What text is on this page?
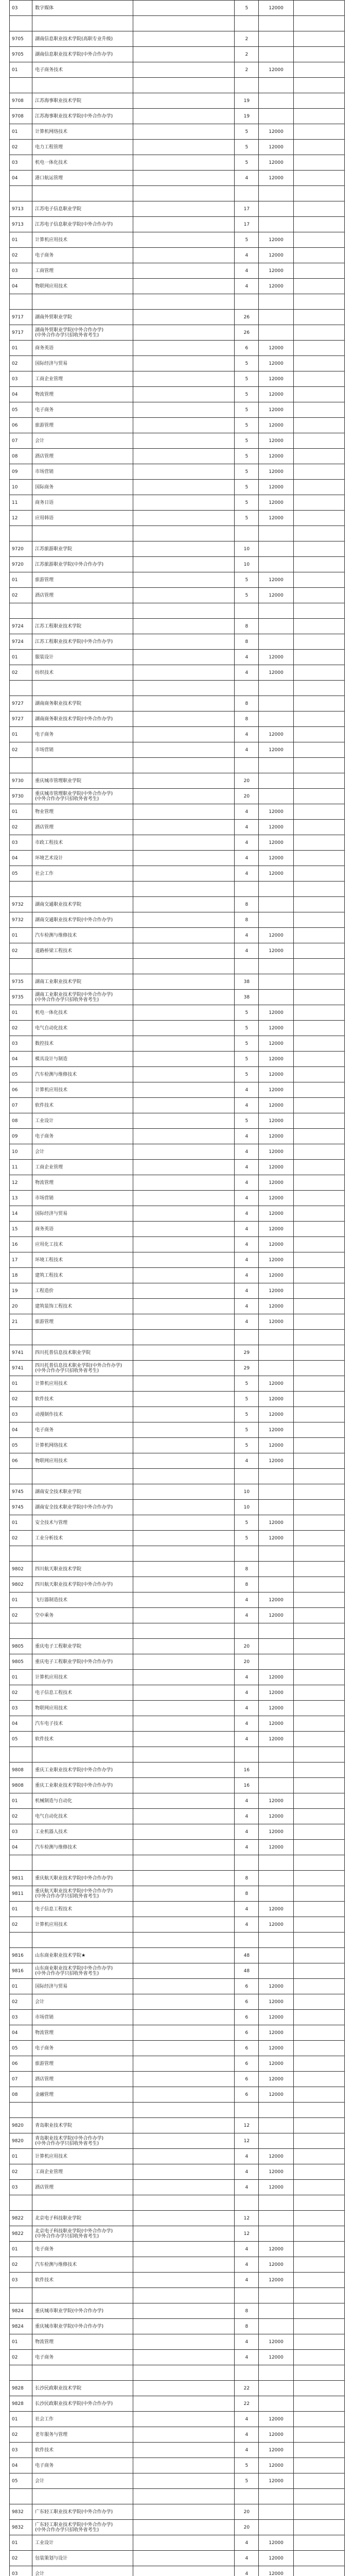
03	数字媒体		5	12000	

9705	湖南信息职业技术学院(高职专业升级)		2		
9705	湖南信息职业技术学院(中外合作办学)		2		
01	电子商务技术		2	12000	

9708	江苏海事职业技术学院		19		
9708	江苏海事职业技术学院(中外合作办学)		19		
01	计算机网络技术		5	12000	
02	电力工程管理		5	12000	
03	机电一体化技术		5	12000	
04	港口航运管理		4	12000	

9713	江苏电子信息职业学院		17		
9713	江苏电子信息职业学院(中外合作办学)		17		
01	计算机应用技术		5	12000	
02	电子商务		4	12000	
03	工商管理		4	12000	
04	物联网应用技术		4	12000	

9717	湖南外贸职业学院		26		
9717	湖南外贸职业学院(中外合作办学)
(中外合作办学只招收外省考生)		26		
01	商务英语		6	12000	
02	国际经济与贸易		5	12000	
03	工商企业管理		5	12000	
04	物流管理		5	12000	
05	电子商务		5	12000	
06	旅游管理		5	12000	
07	会计		5	12000	
08	酒店管理		5	12000	
09	市场营销		5	12000	
10	国际商务		5	12000	
11	商务日语		5	12000	
12	应用韩语		5	12000	

9720	江苏旅游职业学院		10		
9720	江苏旅游职业学院(中外合作办学)		10		
01	旅游管理		5	12000	
02	酒店管理		5	12000	

9724	江苏工程职业技术学院		8		
9724	江苏工程职业技术学院(中外合作办学)		8		
01	服装设计		4	12000	
02	纺织技术		4	12000	

9727	湖南商务职业技术学院		8		
9727	湖南商务职业技术学院(中外合作办学)		8		
01	电子商务		4	12000	
02	市场营销		4	12000	

9730	重庆城市管理职业学院		20		
9730	重庆城市管理职业学院(中外合作办学)
(中外合作办学只招收外省考生)		20		
01	物业管理		4	12000	
02	酒店管理		4	12000	
03	市政工程技术		4	12000	
04	环境艺术设计		4	12000	
05	社会工作		4	12000	

9732	湖南交通职业技术学院		8		
9732	湖南交通职业技术学院(中外合作办学)		8		
01	汽车检测与维修技术		4	12000	
02	道路桥梁工程技术		4	12000	

9735	湖南工业职业技术学院		38		
9735	湖南工业职业技术学院(中外合作办学)
(中外合作办学只招收外省考生)		38		
01	机电一体化技术		5	12000	
02	电气自动化技术		5	12000	
03	数控技术		5	12000	
04	模具设计与制造		5	12000	
05	汽车检测与维修技术		5	12000	
06	计算机应用技术		4	12000	
07	软件技术		4	12000	
08	工业设计		5	12000	
09	电子商务		4	12000	
10	会计		4	12000	
11	工商企业管理		4	12000	
12	物流管理		4	12000	
13	市场营销		4	12000	
14	国际经济与贸易		4	12000	
15	商务英语		4	12000	
16	应用化工技术		4	12000	
17	环境工程技术		4	12000	
18	建筑工程技术		4	12000	
19	工程造价		4	12000	
20	建筑装饰工程技术		4	12000	
21	旅游管理		4	12000	

9741	四川托普信息技术职业学院		29		
9741	四川托普信息技术职业学院(中外合作办学)
(中外合作办学只招收外省考生)		29		
01	计算机应用技术		5	12000	
02	软件技术		5	12000	
03	动漫制作技术		5	12000	
04	电子商务		5	12000	
05	计算机网络技术		5	12000	
06	物联网应用技术		4	12000	

9745	湖南安全技术职业学院		10		
9745	湖南安全技术职业学院(中外合作办学)		10		
01	安全技术与管理		5	12000	
02	工业分析技术		5	12000	

9802	四川航天职业技术学院		8		
9802	四川航天职业技术学院(中外合作办学)		8		
01	飞行器制造技术		4	12000	
02	空中乘务		4	12000	

9805	重庆电子工程职业学院		20		
9805	重庆电子工程职业学院(中外合作办学)		20		
01	计算机应用技术		4	12000	
02	电子信息工程技术		4	12000	
03	物联网应用技术		4	12000	
04	汽车电子技术		4	12000	
05	软件技术		4	12000	

9808	重庆工业职业技术学院(中外合作办学)		16		
9808	重庆工业职业技术学院(中外合作办学)		16		
01	机械制造与自动化		4	12000	
02	电气自动化技术		4	12000	
03	工业机器人技术		4	12000	
04	汽车检测与维修技术		4	12000	

9811	重庆航天职业技术学院(中外合作办学)		8		
9811	重庆航天职业技术学院(中外合作办学)
(中外合作办学只招收外省考生)		8		
01	电子信息工程技术		4	12000	
02	计算机应用技术		4	12000	

9816	山东商业职业技术学院★		48		
9816	山东商业职业技术学院(中外合作办学)
(中外合作办学只招收外省考生)		48		
01	国际经济与贸易		6	12000	
02	会计		6	12000	
03	市场营销		6	12000	
04	物流管理		6	12000	
05	电子商务		6	12000	
06	旅游管理		6	12000	
07	酒店管理		6	12000	
08	金融管理		6	12000	

9820	青岛职业技术学院		12		
9820	青岛职业技术学院(中外合作办学)
(中外合作办学只招收外省考生)		12		
01	计算机应用技术		4	12000	
02	工商企业管理		4	12000	
03	酒店管理		4	12000	

9822	北京电子科技职业学院		12		
9822	北京电子科技职业学院(中外合作办学)
(中外合作办学只招收外省考生)		12		
01	电子商务		4	12000	
02	汽车检测与维修技术		4	12000	
03	软件技术		4	12000	

9824	重庆城市职业学院(中外合作办学)		8		
9824	重庆城市职业学院(中外合作办学)		8		
01	物流管理		4	12000	
02	电子商务		4	12000	

9828	长沙民政职业技术学院		22		
9828	长沙民政职业技术学院(中外合作办学)		22		
01	社会工作		4	12000	
02	老年服务与管理		4	12000	
03	软件技术		4	12000	
04	电子商务		5	12000	
05	会计		5	12000	

9832	广东轻工职业技术学院(中外合作办学)		20		
9832	广东轻工职业技术学院(中外合作办学)
(中外合作办学只招收外省考生)		20		
01	工业设计		4	12000	
02	包装策划与设计		4	12000	
03	会计		4	12000	
